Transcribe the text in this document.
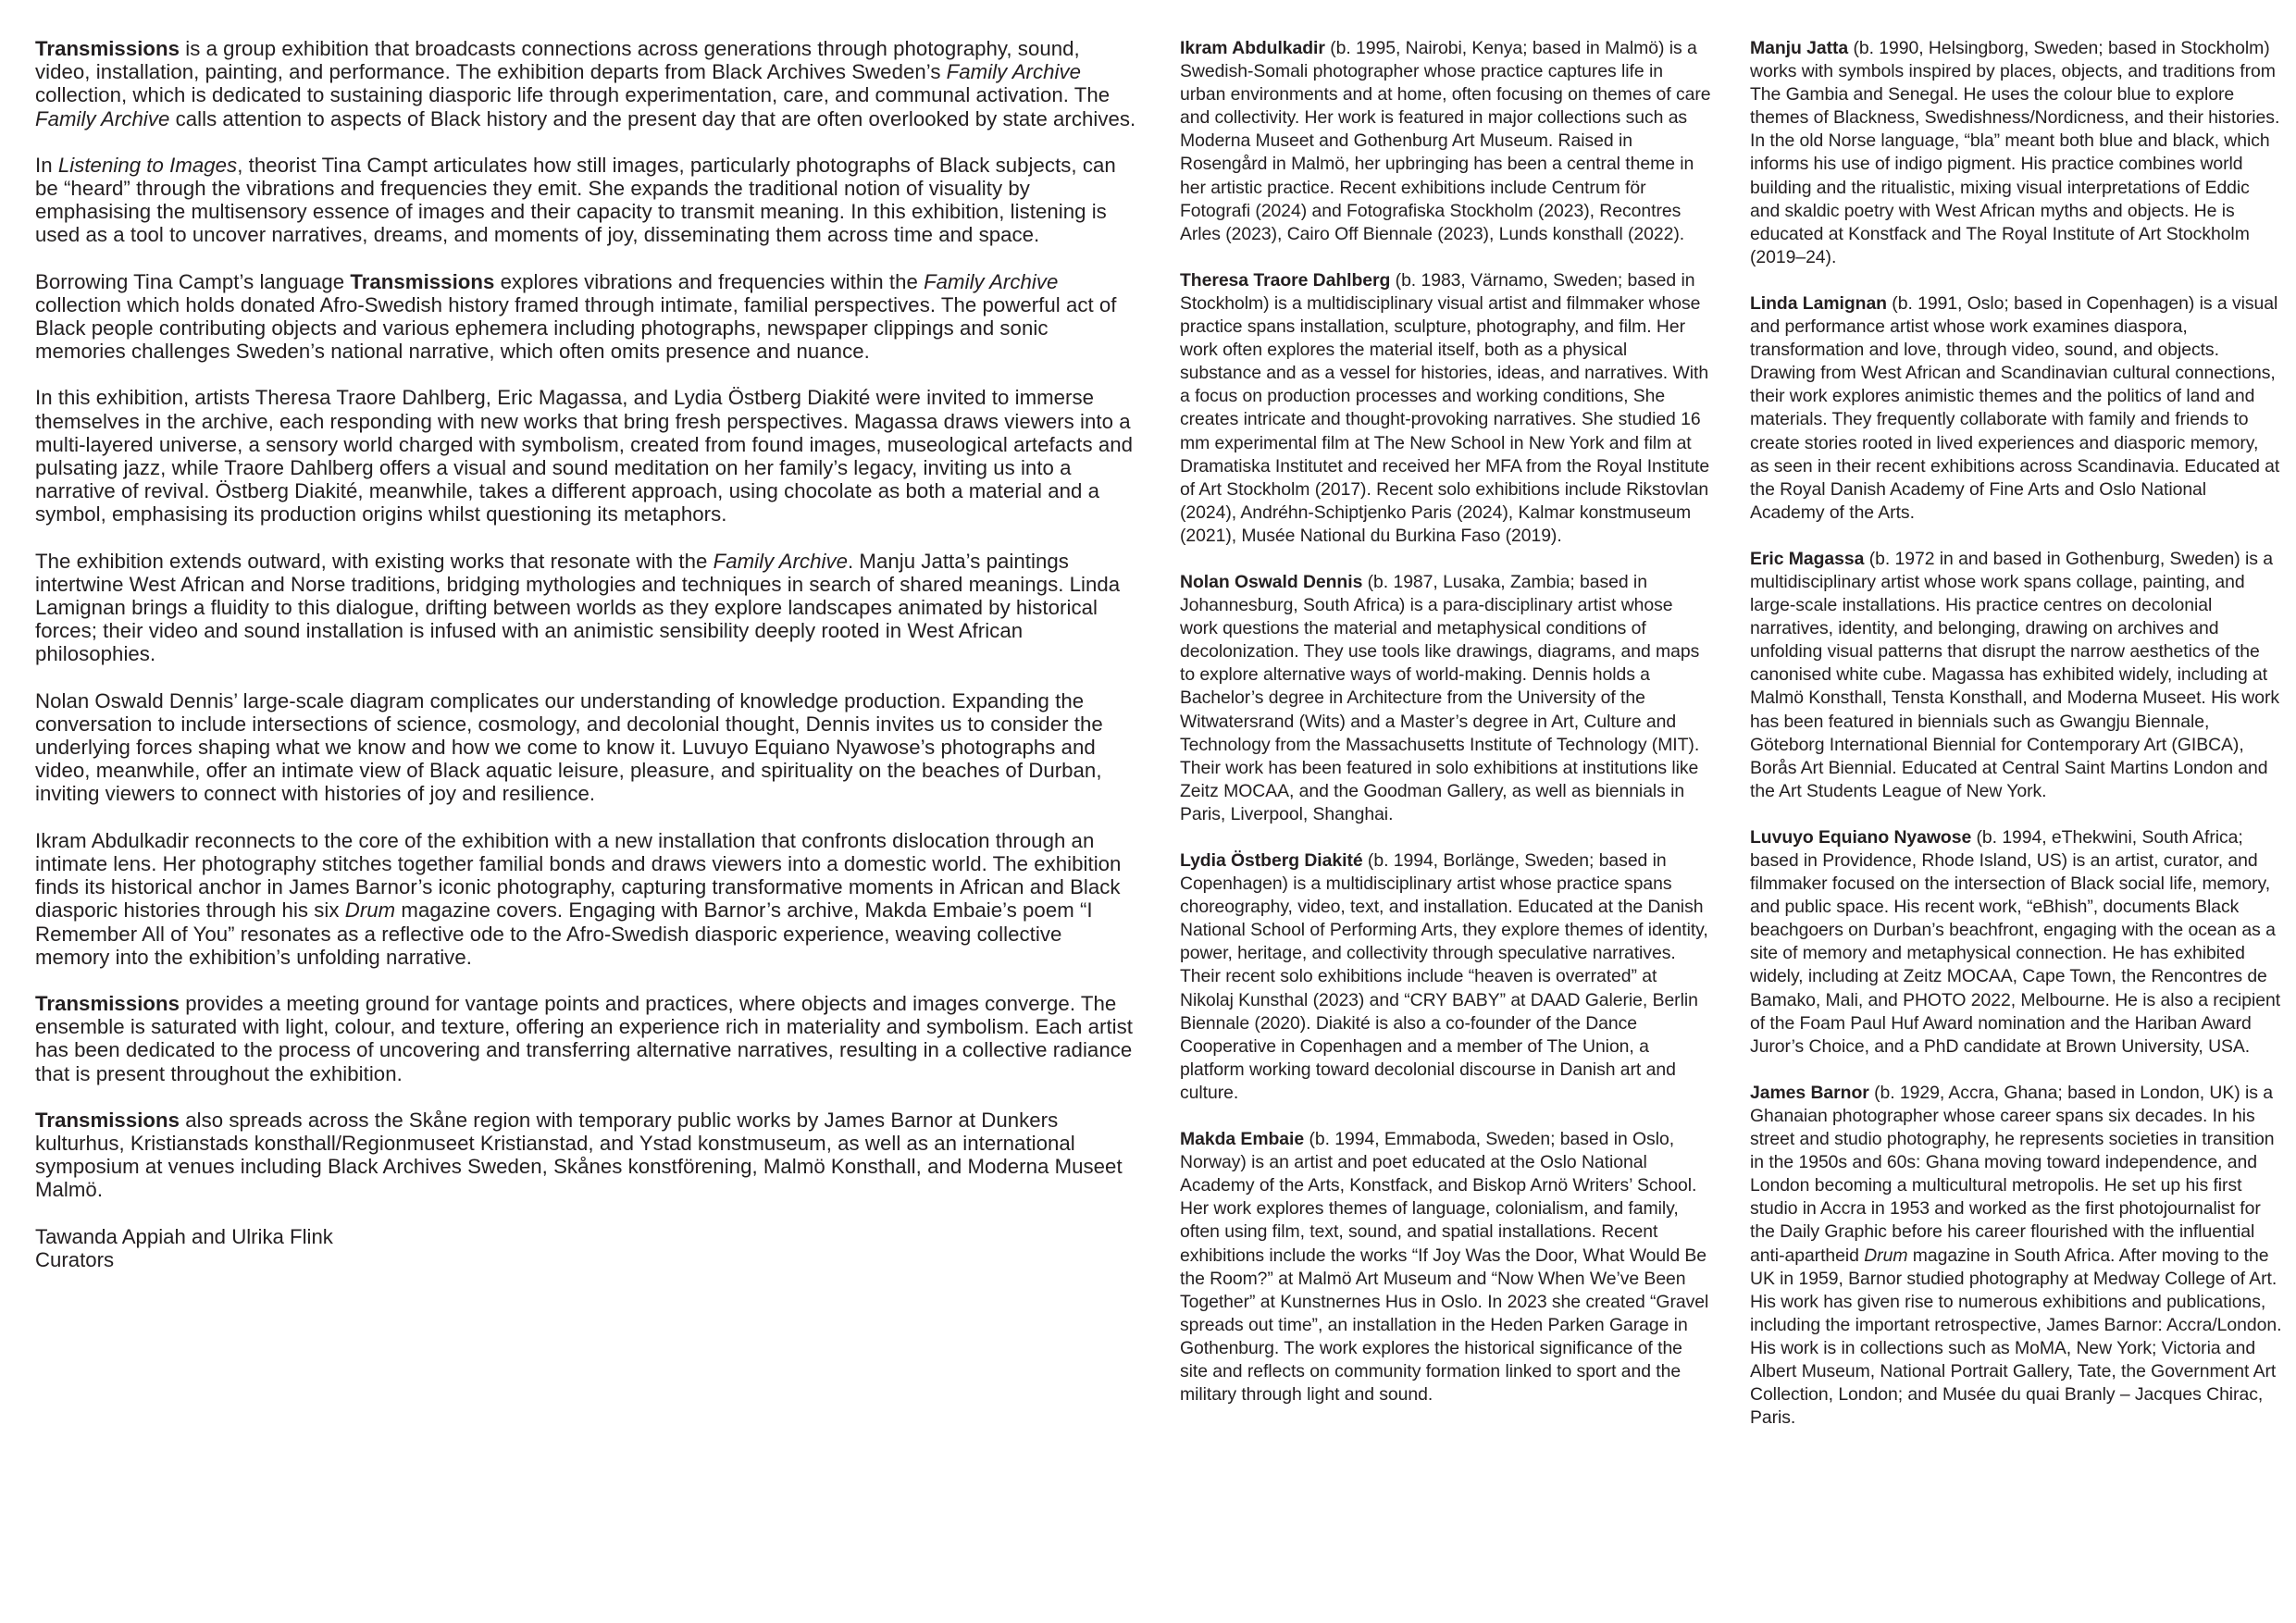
Transmissions is a group exhibition that broadcasts connections across generations through photography, sound, video, installation, painting, and performance. The exhibition departs from Black Archives Sweden’s Family Archive collection, which is dedicated to sustaining diasporic life through experimentation, care, and communal activation. The Family Archive calls attention to aspects of Black history and the present day that are often overlooked by state archives.

In Listening to Images, theorist Tina Campt articulates how still images, particularly photographs of Black subjects, can be “heard” through the vibrations and frequencies they emit. She expands the traditional notion of visuality by emphasising the multisensory essence of images and their capacity to transmit meaning. In this exhibition, listening is used as a tool to uncover narratives, dreams, and moments of joy, disseminating them across time and space.

Borrowing Tina Campt’s language Transmissions explores vibrations and frequencies within the Family Archive collection which holds donated Afro-Swedish history framed through intimate, familial perspectives. The powerful act of Black people contributing objects and various ephemera including photographs, newspaper clippings and sonic memories challenges Sweden’s national narrative, which often omits presence and nuance.

In this exhibition, artists Theresa Traore Dahlberg, Eric Magassa, and Lydia Östberg Diakité were invited to immerse themselves in the archive, each responding with new works that bring fresh perspectives. Magassa draws viewers into a multi-layered universe, a sensory world charged with symbolism, created from found images, museological artefacts and pulsating jazz, while Traore Dahlberg offers a visual and sound meditation on her family’s legacy, inviting us into a narrative of revival. Östberg Diakité, meanwhile, takes a different approach, using chocolate as both a material and a symbol, emphasising its production origins whilst questioning its metaphors.

The exhibition extends outward, with existing works that resonate with the Family Archive. Manju Jatta’s paintings intertwine West African and Norse traditions, bridging mythologies and techniques in search of shared meanings. Linda Lamignan brings a fluidity to this dialogue, drifting between worlds as they explore landscapes animated by historical forces; their video and sound installation is infused with an animistic sensibility deeply rooted in West African philosophies.

Nolan Oswald Dennis’ large-scale diagram complicates our understanding of knowledge production. Expanding the conversation to include intersections of science, cosmology, and decolonial thought, Dennis invites us to consider the underlying forces shaping what we know and how we come to know it. Luvuyo Equiano Nyawose’s photographs and video, meanwhile, offer an intimate view of Black aquatic leisure, pleasure, and spirituality on the beaches of Durban, inviting viewers to connect with histories of joy and resilience.

Ikram Abdulkadir reconnects to the core of the exhibition with a new installation that confronts dislocation through an intimate lens. Her photography stitches together familial bonds and draws viewers into a domestic world. The exhibition finds its historical anchor in James Barnor’s iconic photography, capturing transformative moments in African and Black diasporic histories through his six Drum magazine covers. Engaging with Barnor’s archive, Makda Embaie’s poem “I Remember All of You” resonates as a reflective ode to the Afro-Swedish diasporic experience, weaving collective memory into the exhibition’s unfolding narrative.

Transmissions provides a meeting ground for vantage points and practices, where objects and images converge. The ensemble is saturated with light, colour, and texture, offering an experience rich in materiality and symbolism. Each artist has been dedicated to the process of uncovering and transferring alternative narratives, resulting in a collective radiance that is present throughout the exhibition.

Transmissions also spreads across the Skåne region with temporary public works by James Barnor at Dunkers kulturhus, Kristianstads konsthall/Regionmuseet Kristianstad, and Ystad konstmuseum, as well as an international symposium at venues including Black Archives Sweden, Skånes konstförening, Malmö Konsthall, and Moderna Museet Malmö.

Tawanda Appiah and Ulrika Flink
Curators

Ikram Abdulkadir (b. 1995, Nairobi, Kenya; based in Malmö) is a Swedish-Somali photographer whose practice captures life in urban environments and at home, often focusing on themes of care and collectivity. Her work is featured in major collections such as Moderna Museet and Gothenburg Art Museum. Raised in Rosengård in Malmö, her upbringing has been a central theme in her artistic practice. Recent exhibitions include Centrum för Fotografi (2024) and Fotografiska Stockholm (2023), Recontres Arles (2023), Cairo Off Biennale (2023), Lunds konsthall (2022).

Theresa Traore Dahlberg (b. 1983, Värnamo, Sweden; based in Stockholm) is a multidisciplinary visual artist and filmmaker whose practice spans installation, sculpture, photography, and film. Her work often explores the material itself, both as a physical substance and as a vessel for histories, ideas, and narratives. With a focus on production processes and working conditions, She creates intricate and thought-provoking narratives. She studied 16 mm experimental film at The New School in New York and film at Dramatiska Institutet and received her MFA from the Royal Institute of Art Stockholm (2017). Recent solo exhibitions include Rikstovlan (2024), Andréhn-Schiptjenko Paris (2024), Kalmar konstmuseum (2021), Musée National du Burkina Faso (2019).

Nolan Oswald Dennis (b. 1987, Lusaka, Zambia; based in Johannesburg, South Africa) is a para-disciplinary artist whose work questions the material and metaphysical conditions of decolonization. They use tools like drawings, diagrams, and maps to explore alternative ways of world-making. Dennis holds a Bachelor’s degree in Architecture from the University of the Witwatersrand (Wits) and a Master’s degree in Art, Culture and Technology from the Massachusetts Institute of Technology (MIT). Their work has been featured in solo exhibitions at institutions like Zeitz MOCAA, and the Goodman Gallery, as well as biennials in Paris, Liverpool, Shanghai.

Lydia Östberg Diakité (b. 1994, Borlänge, Sweden; based in Copenhagen) is a multidisciplinary artist whose practice spans choreography, video, text, and installation. Educated at the Danish National School of Performing Arts, they explore themes of identity, power, heritage, and collectivity through speculative narratives. Their recent solo exhibitions include “heaven is overrated” at Nikolaj Kunsthal (2023) and “CRY BABY” at DAAD Galerie, Berlin Biennale (2020). Diakité is also a co-founder of the Dance Cooperative in Copenhagen and a member of The Union, a platform working toward decolonial discourse in Danish art and culture.

Makda Embaie (b. 1994, Emmaboda, Sweden; based in Oslo, Norway) is an artist and poet educated at the Oslo National Academy of the Arts, Konstfack, and Biskop Arnö Writers’ School. Her work explores themes of language, colonialism, and family, often using film, text, sound, and spatial installations. Recent exhibitions include the works “If Joy Was the Door, What Would Be the Room?” at Malmö Art Museum and “Now When We’ve Been Together” at Kunstnernes Hus in Oslo. In 2023 she created “Gravel spreads out time”, an installation in the Heden Parken Garage in Gothenburg. The work explores the historical significance of the site and reflects on community formation linked to sport and the military through light and sound.

Manju Jatta (b. 1990, Helsingborg, Sweden; based in Stockholm) works with symbols inspired by places, objects, and traditions from The Gambia and Senegal. He uses the colour blue to explore themes of Blackness, Swedishness/Nordicness, and their histories. In the old Norse language, “bla” meant both blue and black, which informs his use of indigo pigment. His practice combines world building and the ritualistic, mixing visual interpretations of Eddic and skaldic poetry with West African myths and objects. He is educated at Konstfack and The Royal Institute of Art Stockholm (2019–24).

Linda Lamignan (b. 1991, Oslo; based in Copenhagen) is a visual and performance artist whose work examines diaspora, transformation and love, through video, sound, and objects. Drawing from West African and Scandinavian cultural connections, their work explores animistic themes and the politics of land and materials. They frequently collaborate with family and friends to create stories rooted in lived experiences and diasporic memory, as seen in their recent exhibitions across Scandinavia. Educated at the Royal Danish Academy of Fine Arts and Oslo National Academy of the Arts.

Eric Magassa (b. 1972 in and based in Gothenburg, Sweden) is a multidisciplinary artist whose work spans collage, painting, and large-scale installations. His practice centres on decolonial narratives, identity, and belonging, drawing on archives and unfolding visual patterns that disrupt the narrow aesthetics of the canonised white cube. Magassa has exhibited widely, including at Malmö Konsthall, Tensta Konsthall, and Moderna Museet. His work has been featured in biennials such as Gwangju Biennale, Göteborg International Biennial for Contemporary Art (GIBCA), Borås Art Biennial. Educated at Central Saint Martins London and the Art Students League of New York.

Luvuyo Equiano Nyawose (b. 1994, eThekwini, South Africa; based in Providence, Rhode Island, US) is an artist, curator, and filmmaker focused on the intersection of Black social life, memory, and public space. His recent work, “eBhish”, documents Black beachgoers on Durban’s beachfront, engaging with the ocean as a site of memory and metaphysical connection. He has exhibited widely, including at Zeitz MOCAA, Cape Town, the Rencontres de Bamako, Mali, and PHOTO 2022, Melbourne. He is also a recipient of the Foam Paul Huf Award nomination and the Hariban Award Juror’s Choice, and a PhD candidate at Brown University, USA.

James Barnor (b. 1929, Accra, Ghana; based in London, UK) is a Ghanaian photographer whose career spans six decades. In his street and studio photography, he represents societies in transition in the 1950s and 60s: Ghana moving toward independence, and London becoming a multicultural metropolis. He set up his first studio in Accra in 1953 and worked as the first photojournalist for the Daily Graphic before his career flourished with the influential anti-apartheid Drum magazine in South Africa. After moving to the UK in 1959, Barnor studied photography at Medway College of Art. His work has given rise to numerous exhibitions and publications, including the important retrospective, James Barnor: Accra/London. His work is in collections such as MoMA, New York; Victoria and Albert Museum, National Portrait Gallery, Tate, the Government Art Collection, London; and Musée du quai Branly – Jacques Chirac, Paris.
